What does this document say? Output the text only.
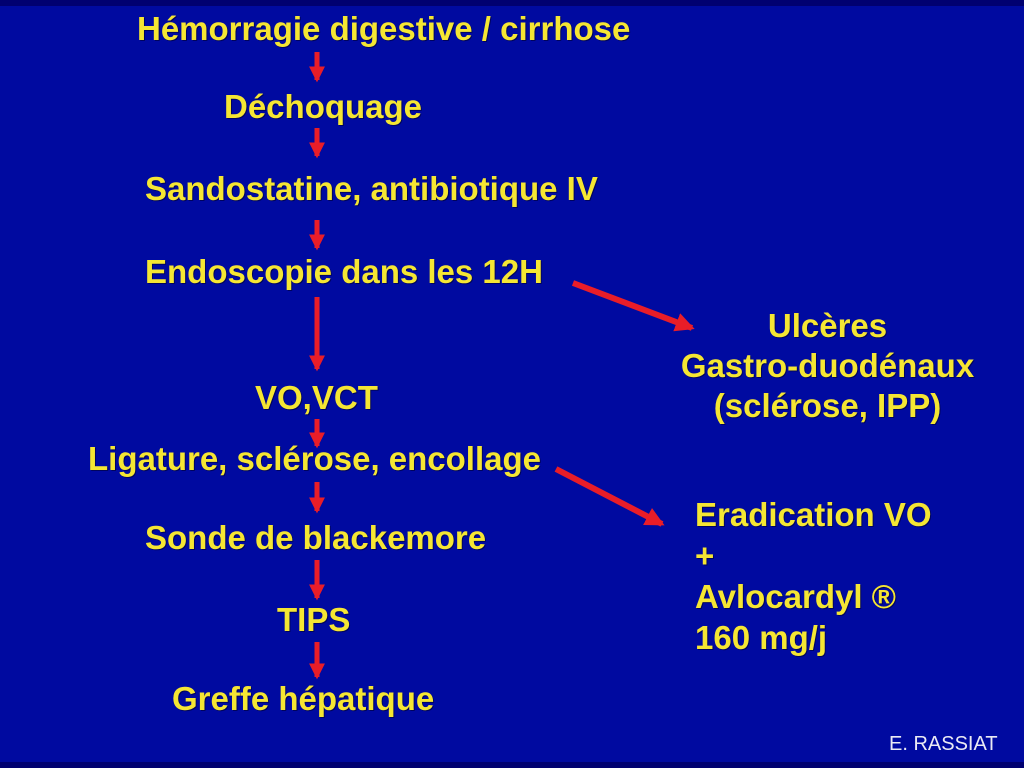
Hémorragie digestive / cirrhose
Déchoquage
Sandostatine, antibiotique IV
Endoscopie dans les 12H
VO,VCT
Ligature, sclérose, encollage
Sonde de blackemore
TIPS
Greffe hépatique
Ulcères
Gastro-duodénaux
(sclérose, IPP)
Eradication VO
+
Avlocardyl ®
160 mg/j
E. RASSIAT
